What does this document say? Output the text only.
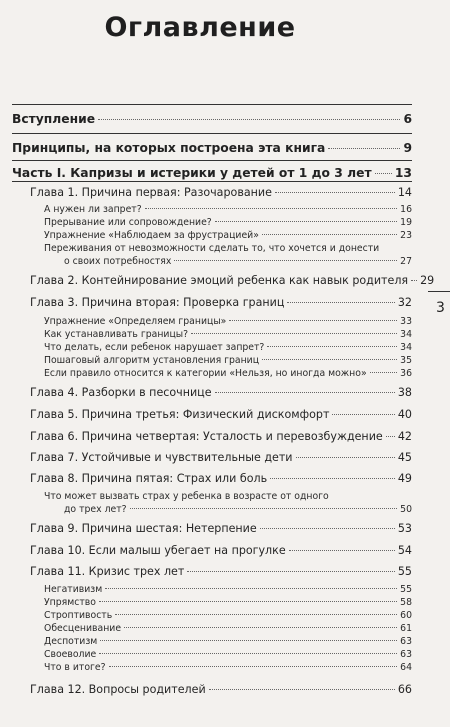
Оглавление
Вступление	6
Принципы, на которых построена эта книга	9
Часть I. Капризы и истерики у детей от 1 до 3 лет 13
Глава 1. Причина первая: Разочарование	14
А нужен ли запрет?	16
Прерывание или сопровождение?	19
Упражнение «Наблюдаем за фрустрацией»	23
Переживания от невозможности сделать то, что хочется и донести
о своих потребностях	27
Глава 2. Контейнирование эмоций ребенка как навык родителя 29
Глава 3. Причина вторая: Проверка границ	32
Упражнение «Определяем границы»	33
Как устанавливать границы?	34
Что делать, если ребенок нарушает запрет?	34
Пошаговый алгоритм установления границ	35
Если правило относится к категории «Нельзя, но иногда можно»	36
Глава 4. Разборки в песочнице	38
Глава 5. Причина третья: Физический дискомфорт	40
Глава 6. Причина четвертая: Усталость и перевозбуждение 42
Глава 7. Устойчивые и чувствительные дети	45
Глава 8. Причина пятая: Страх или боль	49
Что может вызвать страх у ребенка в возрасте от одного
до трех лет?	50
Глава 9. Причина шестая: Нетерпение	53
Глава 10. Если малыш убегает на прогулке	54
Глава 11. Кризис трех лет	55
Негативизм	55
Упрямство	58
Строптивость	60
Обесценивание	61
Деспотизм	63
Своеволие	63
Что в итоге?	64
Глава 12. Вопросы родителей	66
3
